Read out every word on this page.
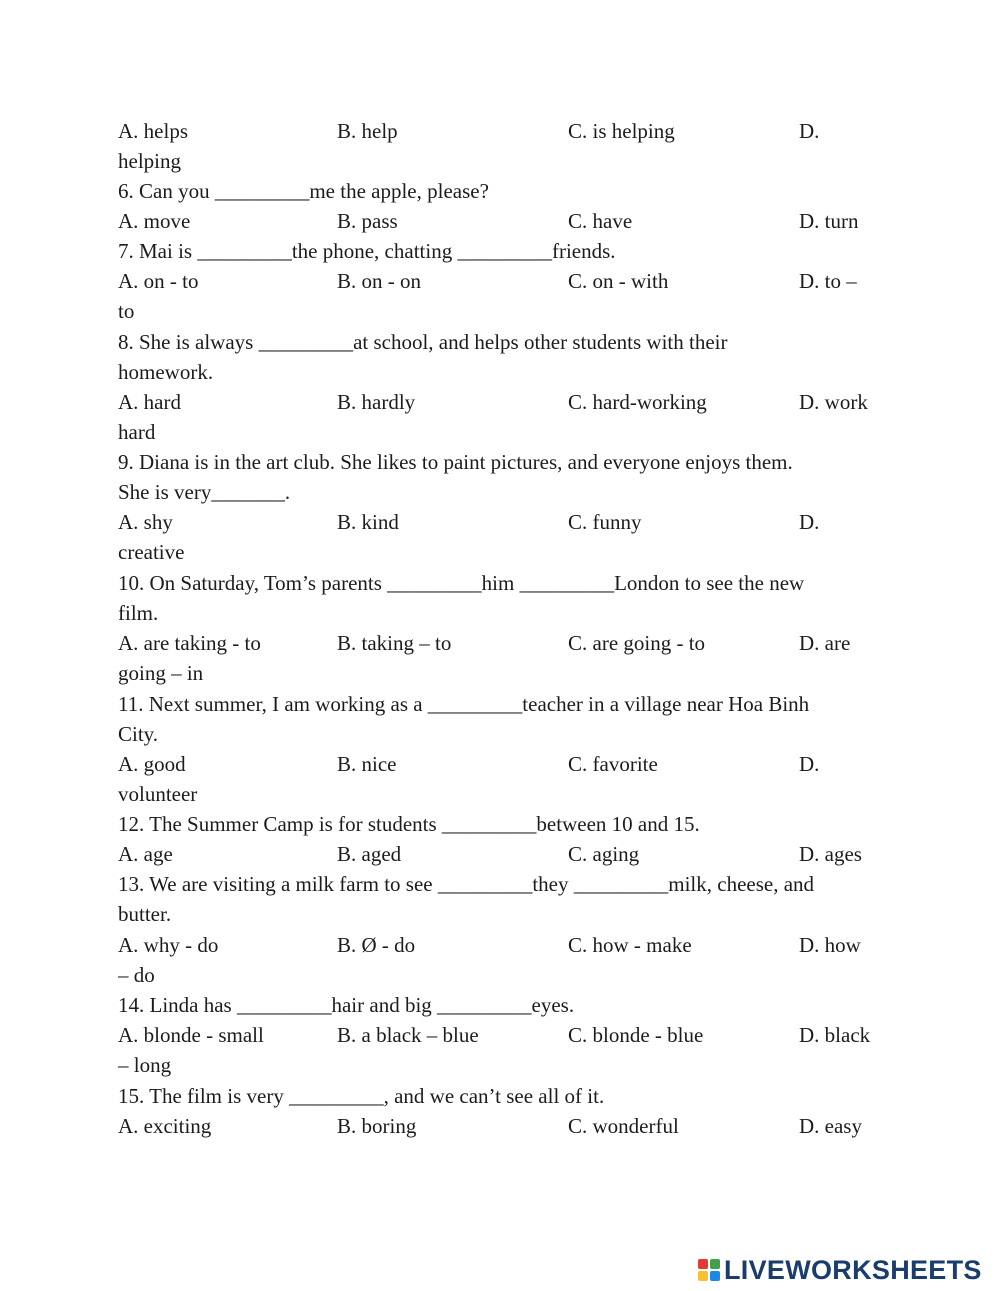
A. helps	B. help	C. is helping	D.
helping
6. Can you _________me the apple, please?
A. move	B. pass	C. have	D. turn
7. Mai is _________the phone, chatting _________friends.
A. on - to	B. on - on	C. on - with	D. to –
to
8. She is always _________at school, and helps other students with their
homework.
A. hard	B. hardly	C. hard-working	D. work
hard
9. Diana is in the art club. She likes to paint pictures, and everyone enjoys them.
She is very_______.
A. shy	B. kind	C. funny	D.
creative
10. On Saturday, Tom’s parents _________him _________London to see the new
film.
A. are taking - to	B. taking – to	C. are going - to	D. are
going – in
11. Next summer, I am working as a _________teacher in a village near Hoa Binh
City.
A. good	B. nice	C. favorite	D.
volunteer
12. The Summer Camp is for students _________between 10 and 15.
A. age	B. aged	C. aging	D. ages
13. We are visiting a milk farm to see _________they _________milk, cheese, and
butter.
A. why - do	B. Ø - do	C. how - make	D. how
– do
14. Linda has _________hair and big _________eyes.
A. blonde - small	B. a black – blue	C. blonde - blue	D. black
– long
15. The film is very _________, and we can’t see all of it.
A. exciting	B. boring	C. wonderful	D. easy
LIVEWORKSHEETS
